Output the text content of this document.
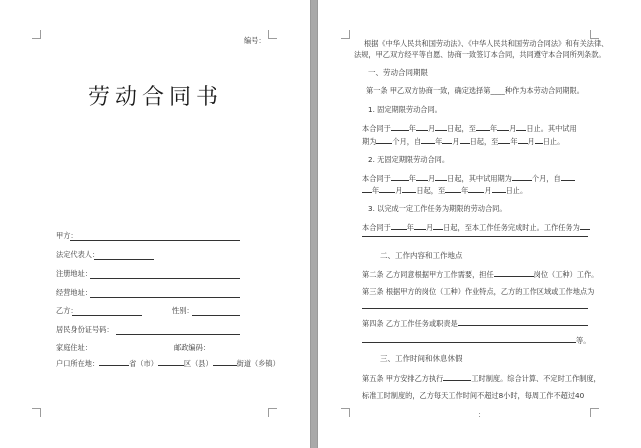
编号：
劳动合同书
甲方：
法定代表人：
注册地址：
经营地址：
乙方：	性别：
居民身份证号码：
家庭住址：	邮政编码：
户口所在地：	省（市）	区（县）	街道（乡镇）
根据《中华人民共和国劳动法》、《中华人民共和国劳动合同法》和有关法律、
法规，甲乙双方经平等自愿、协商一致签订本合同，共同遵守本合同所列条款。
一、劳动合同期限
第一条 甲乙双方协商一致，确定选择第____种作为本劳动合同期限。
1. 固定期限劳动合同。
本合同于	年 月 日起，至 年 月 日止。其中试用
期为 个月，自 年 月 日起，至 年 月 日止。
2. 无固定期限劳动合同。
本合同于	年 月 日起，其中试用期为	个月，自
年 月 日起，至 年 月 日止。
3. 以完成一定工作任务为期限的劳动合同。
本合同于 年 月 日起，至本工作任务完成时止。工作任务为
二、工作内容和工作地点
第二条 乙方同意根据甲方工作需要，担任	岗位（工种）工作。
第三条 根据甲方的岗位（工种）作业特点，乙方的工作区域或工作地点为
第四条 乙方工作任务或职责是
等。
三、工作时间和休息休假
第五条 甲方安排乙方执行	工时制度。综合计算、不定时工作制度，
标准工时制度的，乙方每天工作时间不超过8小时，每周工作不超过40
：
